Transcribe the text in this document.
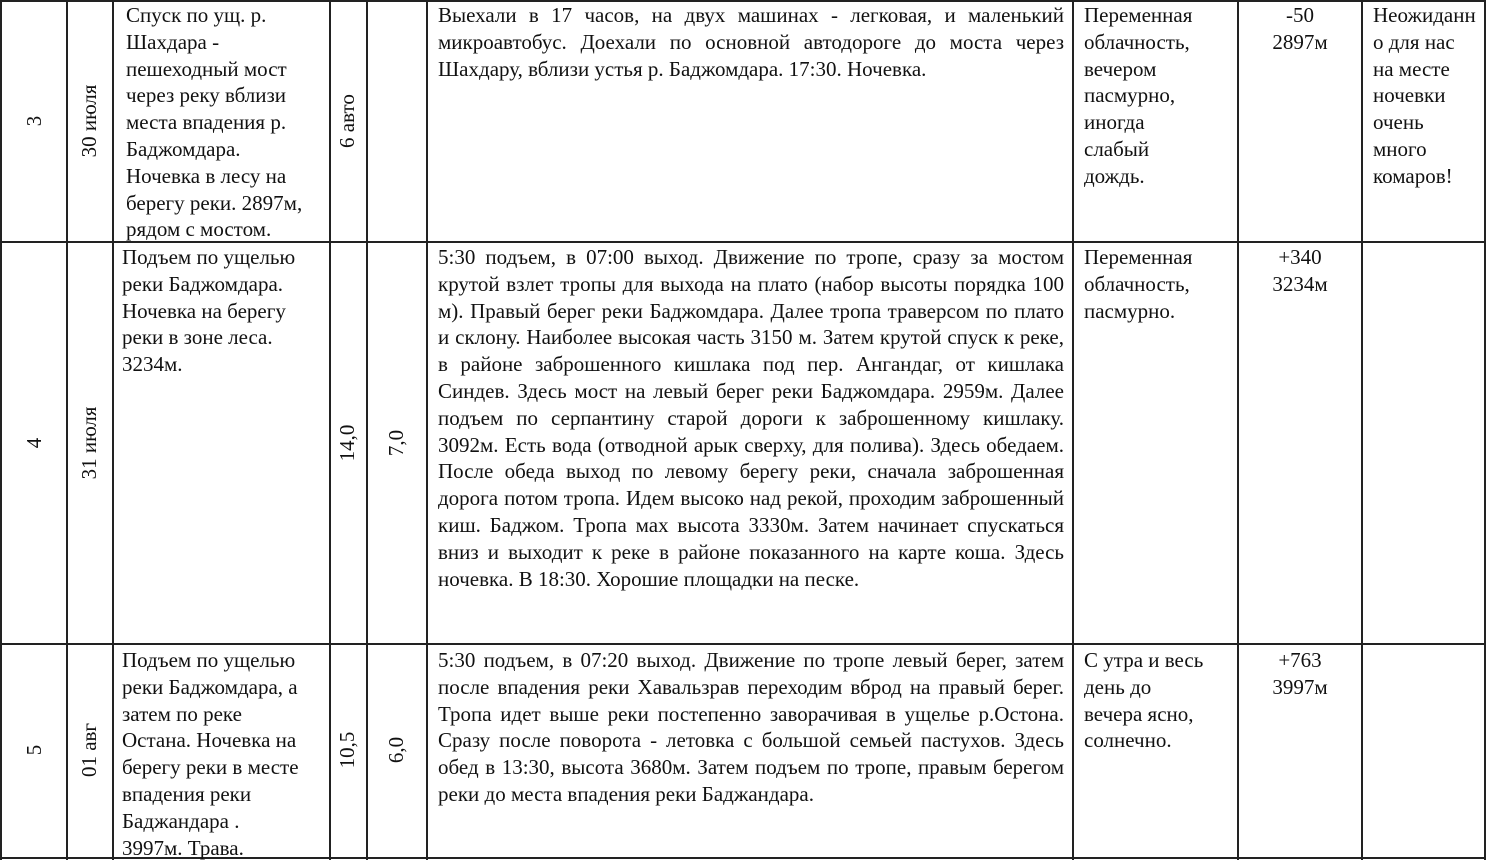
3 30 июля
Спуск по ущ. р.
Шахдара -
пешеходный мост
через реку вблизи
места впадения р.
Баджомдара.
Ночевка в лесу на
берегу реки. 2897м,
рядом с мостом.
6 авто
Выехали в 17 часов, на двух машинах - легковая, и маленький микроавтобус. Доехали по основной автодороге до моста через Шахдару, вблизи устья р. Баджомдара. 17:30. Ночевка.
Переменная
облачность,
вечером
пасмурно,
иногда
слабый
дождь.
-50
2897м
Неожиданн
о для нас
на месте
ночевки
очень
много
комаров!
4 31 июля
Подъем по ущелью
реки Баджомдара.
Ночевка на берегу
реки в зоне леса.
3234м.
14,0 7,0
5:30 подъем, в 07:00 выход. Движение по тропе, сразу за мостом крутой взлет тропы для выхода на плато (набор высоты порядка 100 м). Правый берег реки Баджомдара. Далее тропа траверсом по плато и склону. Наиболее высокая часть 3150 м. Затем крутой спуск к реке, в районе заброшенного кишлака под пер. Ангандаг, от кишлака Синдев. Здесь мост на левый берег реки Баджомдара. 2959м. Далее подъем по серпантину старой дороги к заброшенному кишлаку. 3092м. Есть вода (отводной арык сверху, для полива). Здесь обедаем. После обеда выход по левому берегу реки, сначала заброшенная дорога потом тропа. Идем высоко над рекой, проходим заброшенный киш. Баджом. Тропа мах высота 3330м. Затем начинает спускаться вниз и выходит к реке в районе показанного на карте коша. Здесь ночевка. В 18:30. Хорошие площадки на песке.
Переменная
облачность,
пасмурно.
+340
3234м
5 01 авг
Подъем по ущелью
реки Баджомдара, а
затем по реке
Остана. Ночевка на
берегу реки в месте
впадения реки
Баджандара .
3997м. Трава.
10,5 6,0
5:30 подъем, в 07:20 выход. Движение по тропе левый берег, затем после впадения реки Хавальзрав переходим вброд на правый берег. Тропа идет выше реки постепенно заворачивая в ущелье р.Остона. Сразу после поворота - летовка с большой семьей пастухов. Здесь обед в 13:30, высота 3680м. Затем подъем по тропе, правым берегом реки до места впадения реки Баджандара.
С утра и весь
день до
вечера ясно,
солнечно.
+763
3997м
